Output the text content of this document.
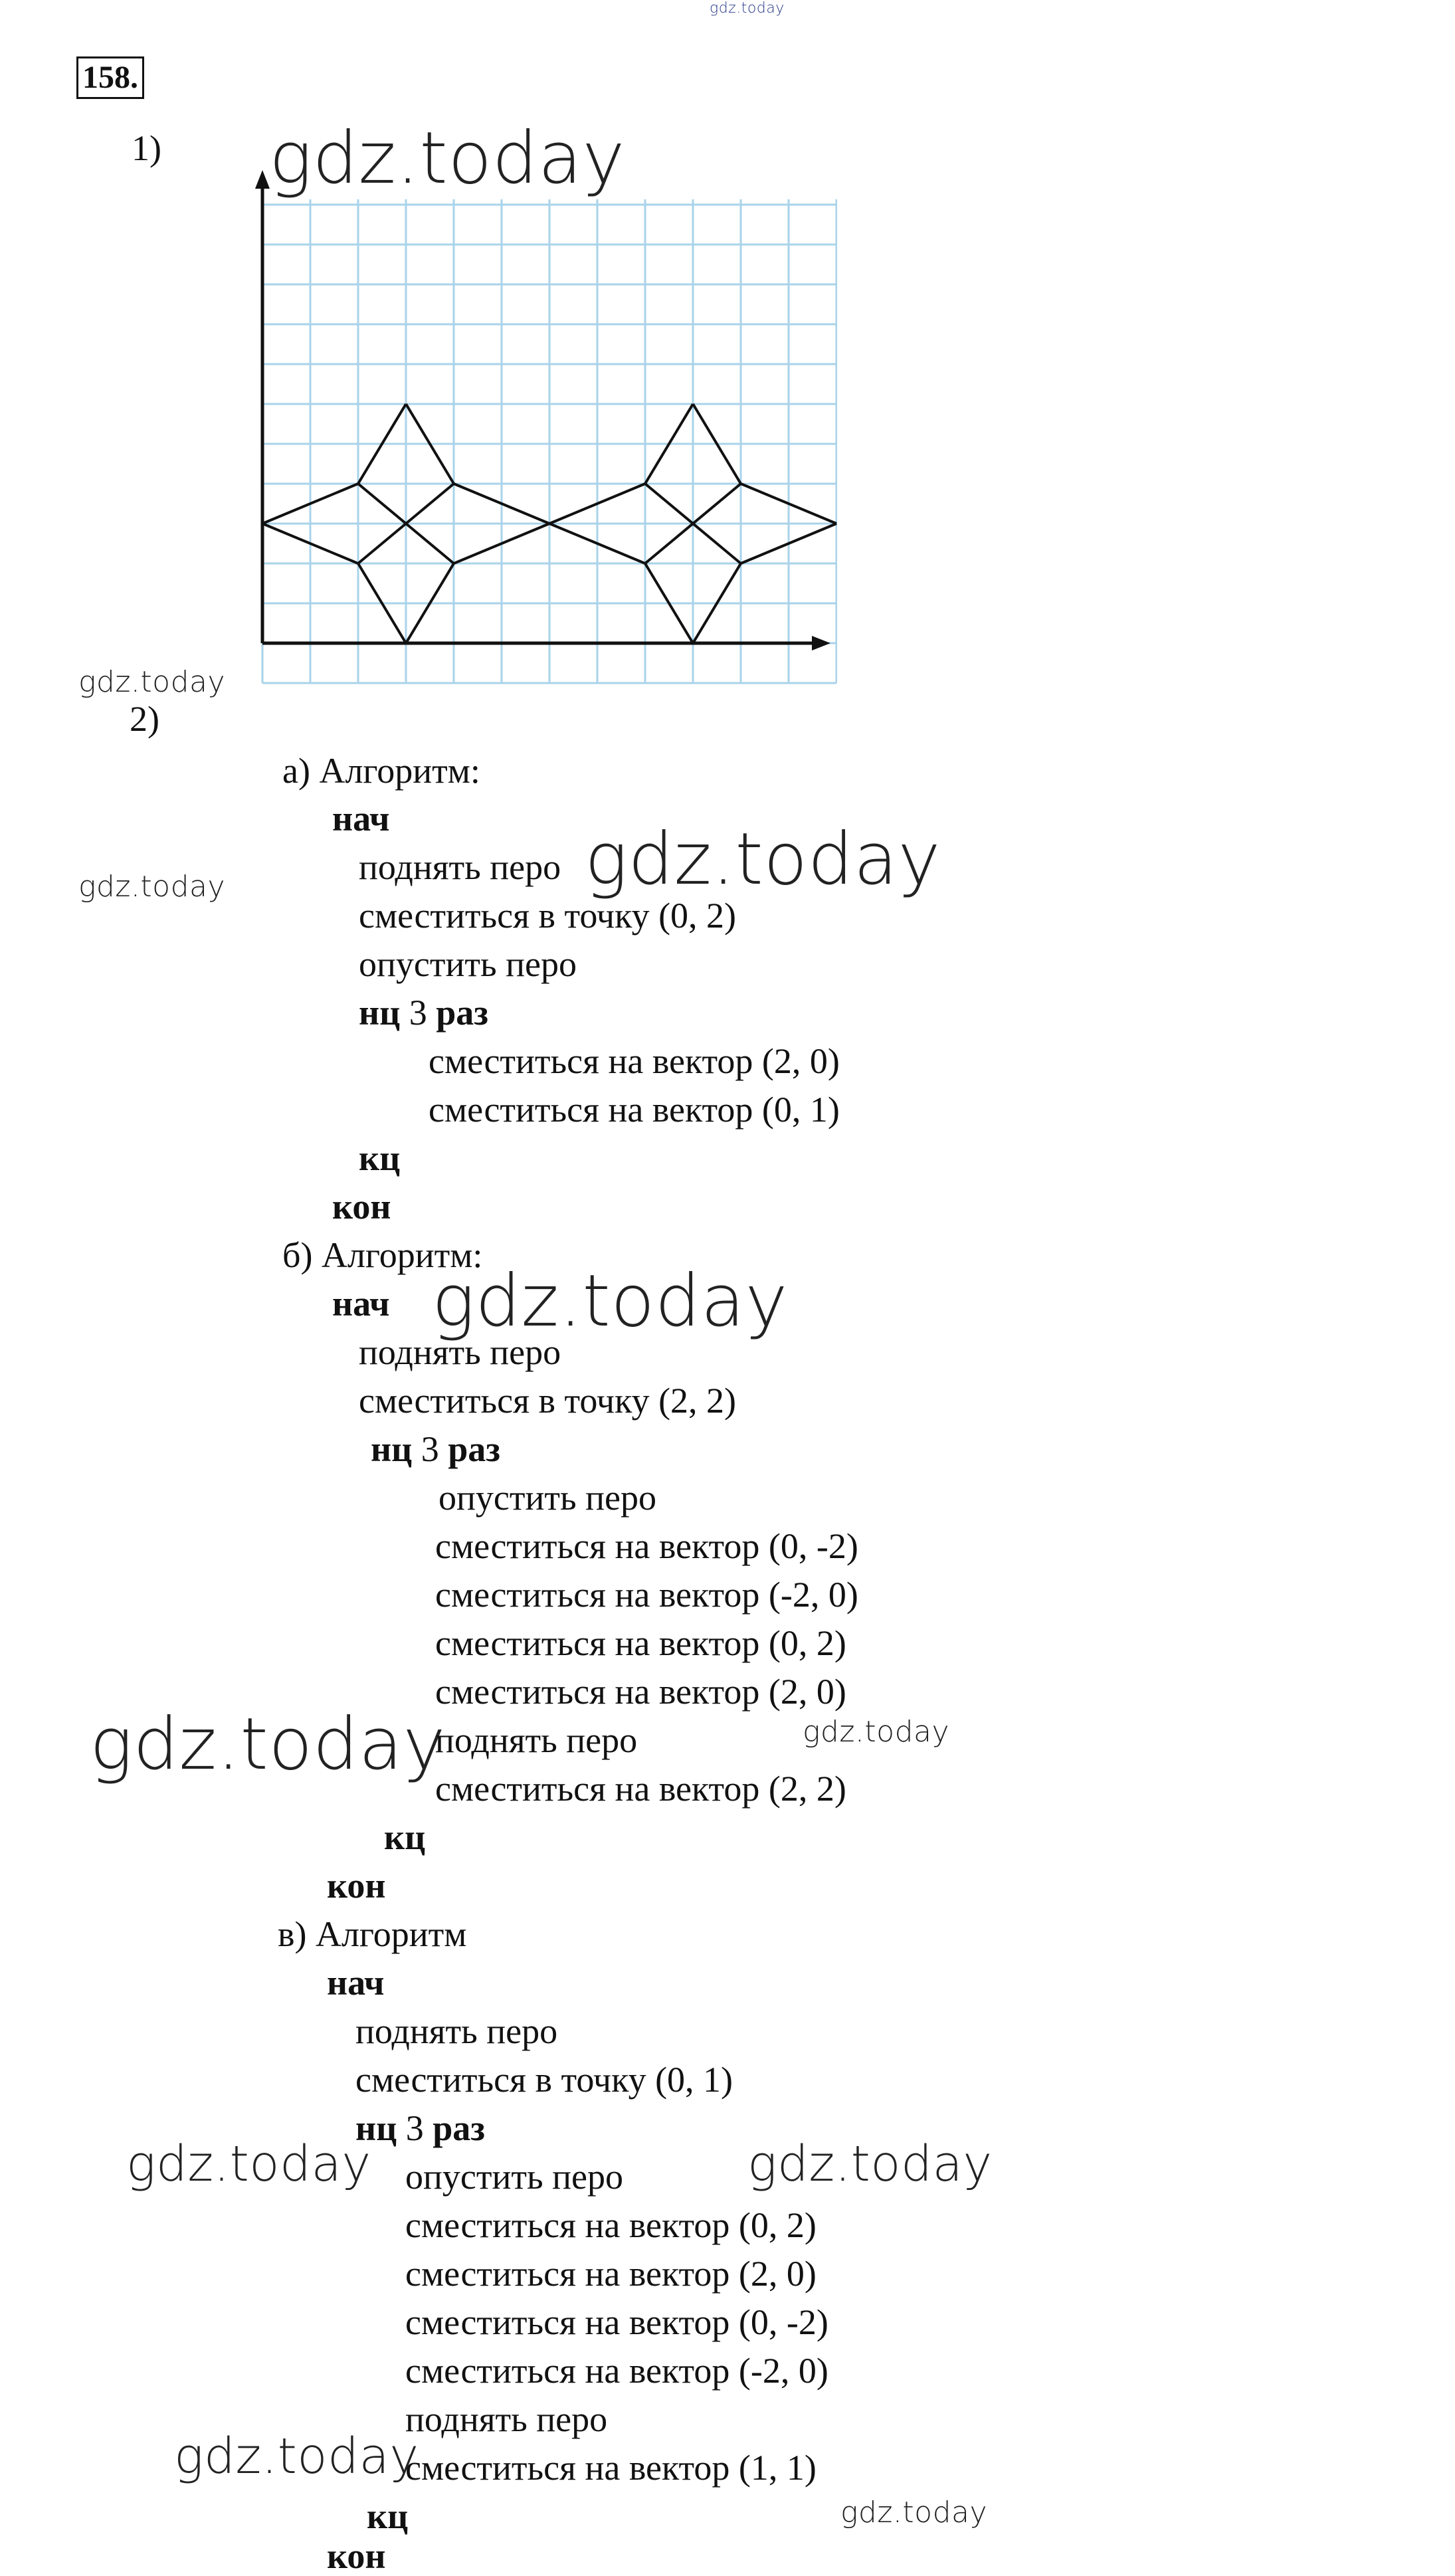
gdz.today
158.
1) gdz.today
gdz.today
gdz.today	gdz.today
gdz.today
gdz.today	gdz.today
gdz.today	gdz.today
gdz.today
gdz.today
2)
а) Алгоритм:
нач
поднять перо
сместиться в точку (0, 2)
опустить перо
нц 3 раз
сместиться на вектор (2, 0)
сместиться на вектор (0, 1)
кц
кон
б) Алгоритм:
нач
поднять перо
сместиться в точку (2, 2)
нц 3 раз
опустить перо
сместиться на вектор (0, -2)
сместиться на вектор (-2, 0)
сместиться на вектор (0, 2)
сместиться на вектор (2, 0)
поднять перо
сместиться на вектор (2, 2)
кц
кон
в) Алгоритм
нач
поднять перо
сместиться в точку (0, 1)
нц 3 раз
опустить перо
сместиться на вектор (0, 2)
сместиться на вектор (2, 0)
сместиться на вектор (0, -2)
сместиться на вектор (-2, 0)
поднять перо
сместиться на вектор (1, 1)
кц
кон
